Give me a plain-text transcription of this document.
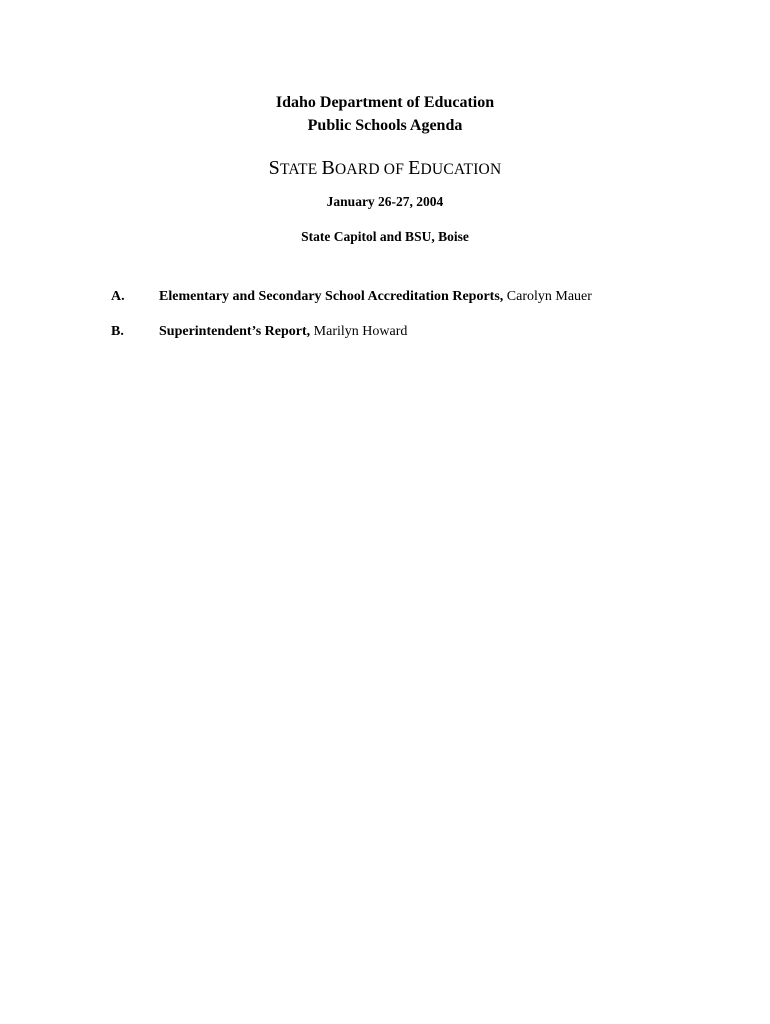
Idaho Department of Education
Public Schools Agenda
STATE BOARD OF EDUCATION
January 26-27, 2004
State Capitol and BSU, Boise
A. Elementary and Secondary School Accreditation Reports, Carolyn Mauer
B.	Superintendent’s Report, Marilyn Howard
